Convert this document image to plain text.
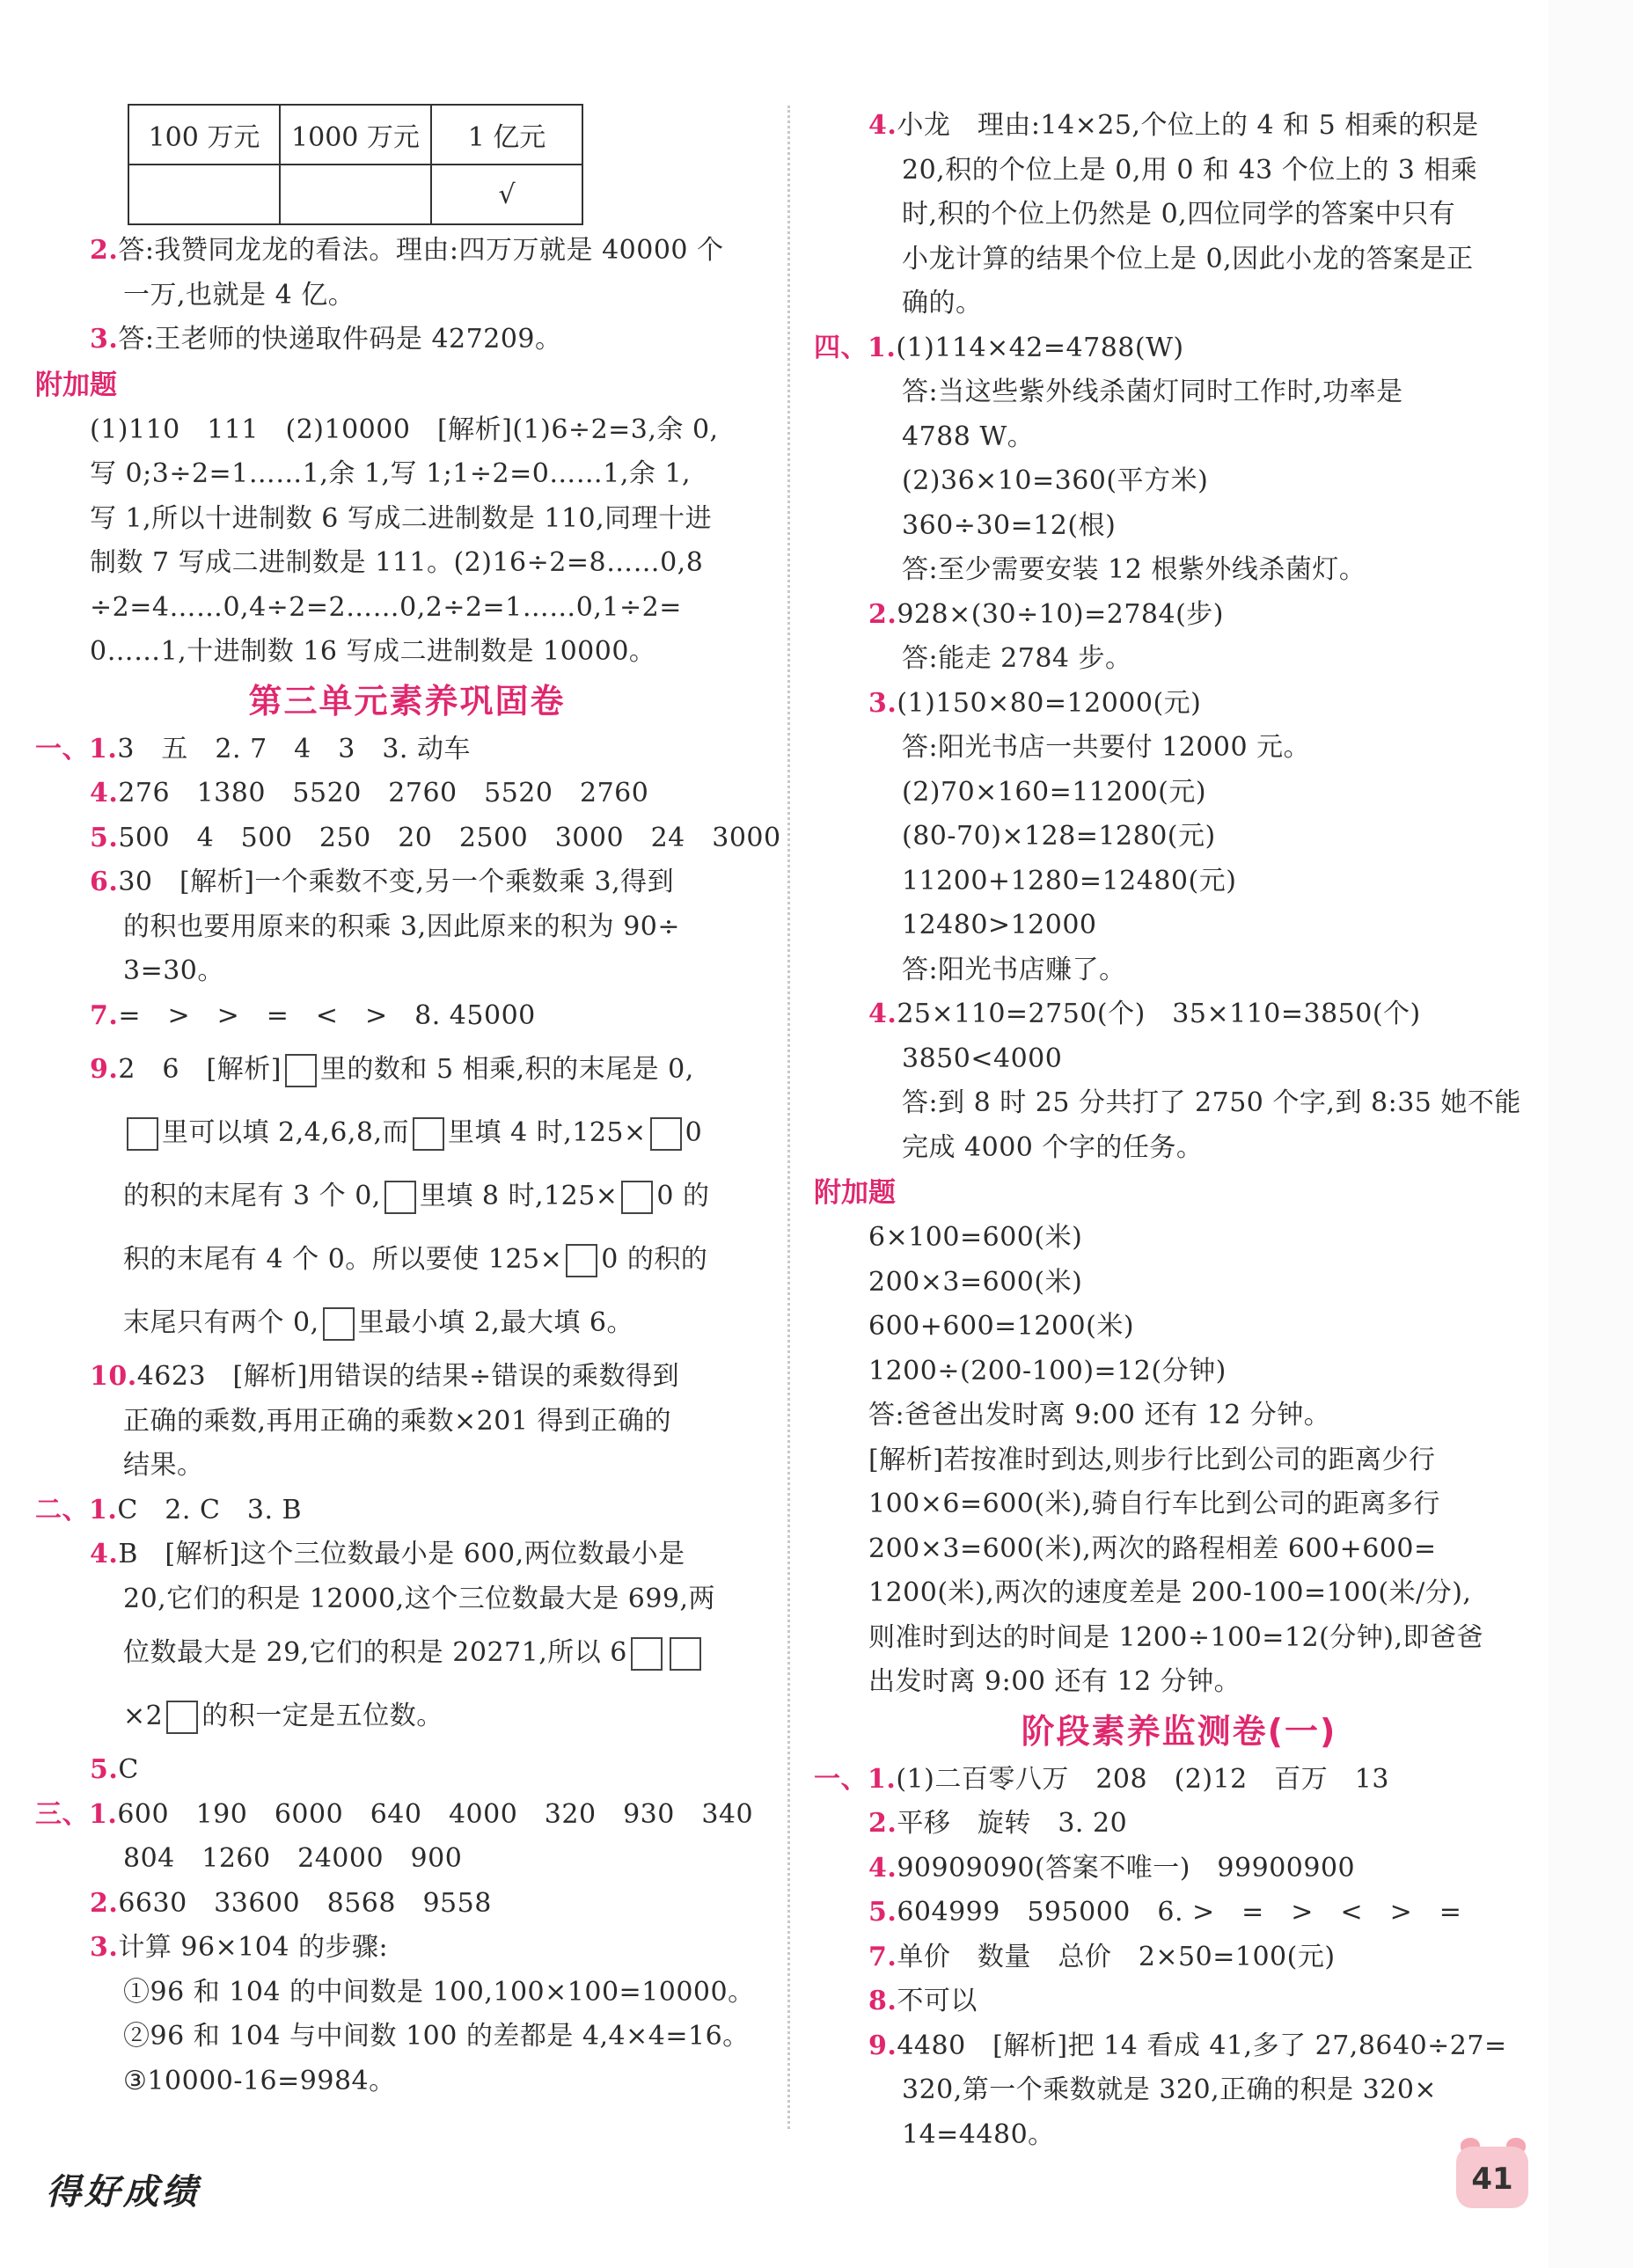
100 万元	1000 万元	1 亿元
		√
2.答:我赞同龙龙的看法。理由:四万万就是 40000 个
一万,也就是 4 亿。
3.答:王老师的快递取件码是 427209。
附加题
(1)110　111　(2)10000　[解析](1)6÷2=3,余 0,
写 0;3÷2=1……1,余 1,写 1;1÷2=0……1,余 1,
写 1,所以十进制数 6 写成二进制数是 110,同理十进
制数 7 写成二进制数是 111。(2)16÷2=8……0,8
÷2=4……0,4÷2=2……0,2÷2=1……0,1÷2=
0……1,十进制数 16 写成二进制数是 10000。
第三单元素养巩固卷
一、1.3　五　2. 7　4　3　3. 动车
4.276　1380　5520　2760　5520　2760
5.500　4　500　250　20　2500　3000　24　3000
6.30　[解析]一个乘数不变,另一个乘数乘 3,得到
的积也要用原来的积乘 3,因此原来的积为 90÷
3=30。
7.=　>　>　=　<　>　8. 45000
9.2　6　[解析] 里的数和 5 相乘,积的末尾是 0,
里可以填 2,4,6,8,而 里填 4 时,125× 0
的积的末尾有 3 个 0, 里填 8 时,125× 0 的
积的末尾有 4 个 0。所以要使 125× 0 的积的
末尾只有两个 0, 里最小填 2,最大填 6。
10.4623　[解析]用错误的结果÷错误的乘数得到
正确的乘数,再用正确的乘数×201 得到正确的
结果。
二、1.C　2. C　3. B
4.B　[解析]这个三位数最小是 600,两位数最小是
20,它们的积是 12000,这个三位数最大是 699,两
位数最大是 29,它们的积是 20271,所以 6
×2 的积一定是五位数。
5.C
三、1.600　190　6000　640　4000　320　930　340
804　1260　24000　900
2.6630　33600　8568　9558
3.计算 96×104 的步骤:
①96 和 104 的中间数是 100,100×100=10000。
②96 和 104 与中间数 100 的差都是 4,4×4=16。
③10000-16=9984。
4.小龙　理由:14×25,个位上的 4 和 5 相乘的积是
20,积的个位上是 0,用 0 和 43 个位上的 3 相乘
时,积的个位上仍然是 0,四位同学的答案中只有
小龙计算的结果个位上是 0,因此小龙的答案是正
确的。
四、1.(1)114×42=4788(W)
答:当这些紫外线杀菌灯同时工作时,功率是
4788 W。
(2)36×10=360(平方米)
360÷30=12(根)
答:至少需要安装 12 根紫外线杀菌灯。
2.928×(30÷10)=2784(步)
答:能走 2784 步。
3.(1)150×80=12000(元)
答:阳光书店一共要付 12000 元。
(2)70×160=11200(元)
(80-70)×128=1280(元)
11200+1280=12480(元)
12480>12000
答:阳光书店赚了。
4.25×110=2750(个)　35×110=3850(个)
3850<4000
答:到 8 时 25 分共打了 2750 个字,到 8:35 她不能
完成 4000 个字的任务。
附加题
6×100=600(米)
200×3=600(米)
600+600=1200(米)
1200÷(200-100)=12(分钟)
答:爸爸出发时离 9:00 还有 12 分钟。
[解析]若按准时到达,则步行比到公司的距离少行
100×6=600(米),骑自行车比到公司的距离多行
200×3=600(米),两次的路程相差 600+600=
1200(米),两次的速度差是 200-100=100(米/分),
则准时到达的时间是 1200÷100=12(分钟),即爸爸
出发时离 9:00 还有 12 分钟。
阶段素养监测卷(一)
一、1.(1)二百零八万　208　(2)12　百万　13
2.平移　旋转　3. 20
4.90909090(答案不唯一)　99900900
5.604999　595000　6. >　=　>　<　>　=
7.单价　数量　总价　2×50=100(元)
8.不可以
9.4480　[解析]把 14 看成 41,多了 27,8640÷27=
320,第一个乘数就是 320,正确的积是 320×
14=4480。
得好成绩	41
